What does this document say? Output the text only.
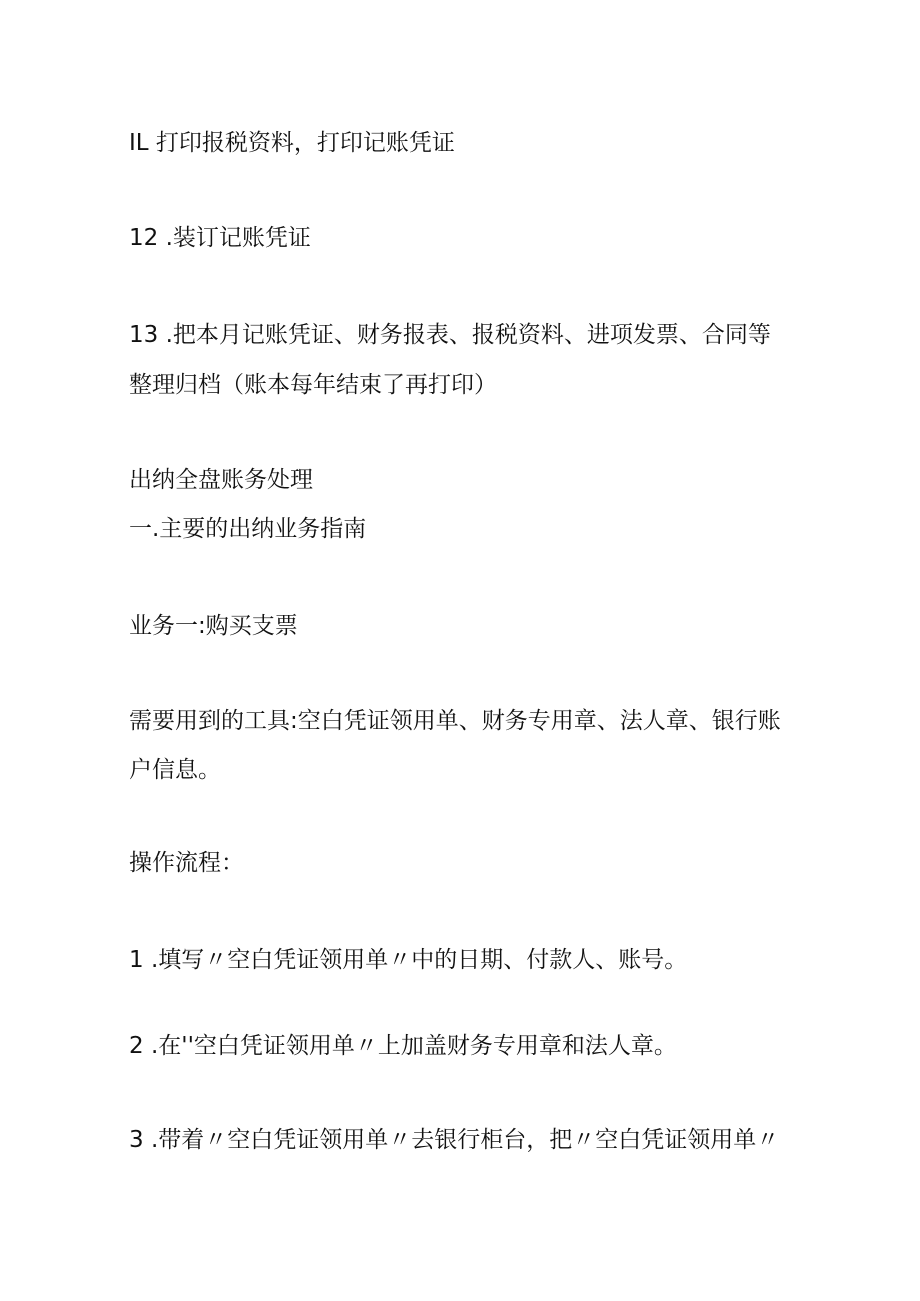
IL 打印报税资料，打印记账凭证
12 .装订记账凭证
13 .把本月记账凭证、财务报表、报税资料、进项发票、合同等
整理归档（账本每年结束了再打印）
出纳全盘账务处理
一.主要的出纳业务指南
业务一:购买支票
需要用到的工具:空白凭证领用单、财务专用章、法人章、银行账
户信息。
操作流程：
1 .填写〃空白凭证领用单〃中的日期、付款人、账号。
2 .在''空白凭证领用单〃上加盖财务专用章和法人章。
3 .带着〃空白凭证领用单〃去银行柜台，把〃空白凭证领用单〃
